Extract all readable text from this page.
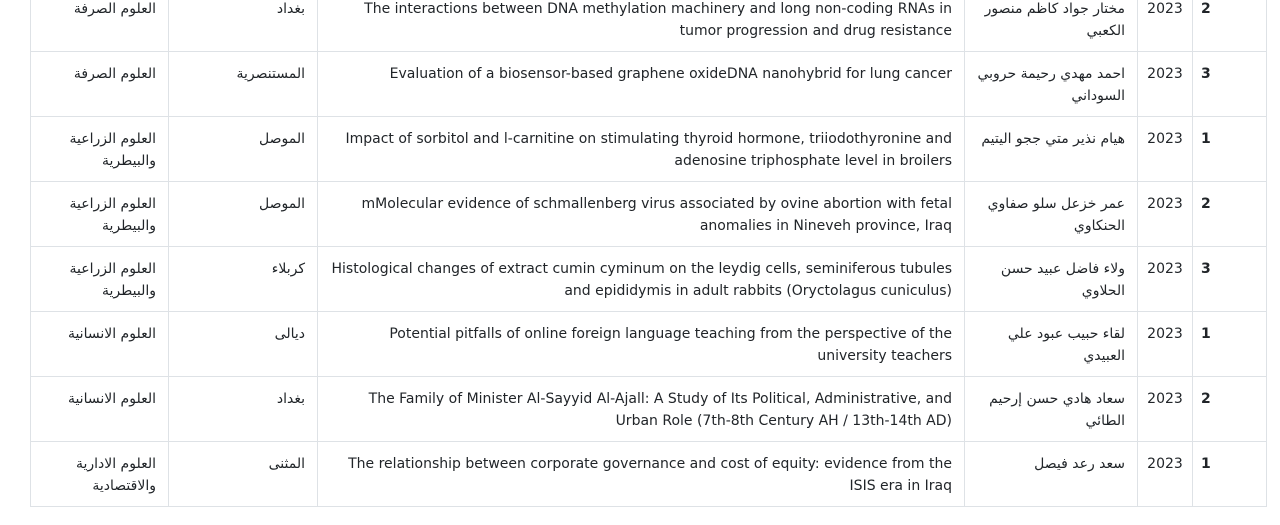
2	2023	مختار جواد كاظم منصور الكعبي	The interactions between DNA methylation machinery and long non-coding RNAs in tumor progression and drug resistance	بغداد	العلوم الصرفة
3	2023	احمد مهدي رحيمة حروبي السوداني	Evaluation of a biosensor-based graphene oxideDNA nanohybrid for lung cancer	المستنصرية	العلوم الصرفة
1	2023	هيام نذير متي ججو اليتيم	Impact of sorbitol and l-carnitine on stimulating thyroid hormone, triiodothyronine and adenosine triphosphate level in broilers	الموصل	العلوم الزراعية والبيطرية
2	2023	عمر خزعل سلو صفاوي الحنكاوي	mMolecular evidence of schmallenberg virus associated by ovine abortion with fetal anomalies in Nineveh province, Iraq	الموصل	العلوم الزراعية والبيطرية
3	2023	ولاء فاضل عبيد حسن الحلاوي	Histological changes of extract cumin cyminum on the leydig cells, seminiferous tubules and epididymis in adult rabbits (Oryctolagus cuniculus)	كربلاء	العلوم الزراعية والبيطرية
1	2023	لقاء حبيب عبود علي العبيدي	Potential pitfalls of online foreign language teaching from the perspective of the university teachers	ديالى	العلوم الانسانية
2	2023	سعاد هادي حسن إرحيم الطائي	The Family of Minister Al-Sayyid Al-Ajall: A Study of Its Political, Administrative, and Urban Role (7th-8th Century AH / 13th-14th AD)	بغداد	العلوم الانسانية
1	2023	سعد رعد فيصل	The relationship between corporate governance and cost of equity: evidence from the ISIS era in Iraq	المثنى	العلوم الادارية والاقتصادية
